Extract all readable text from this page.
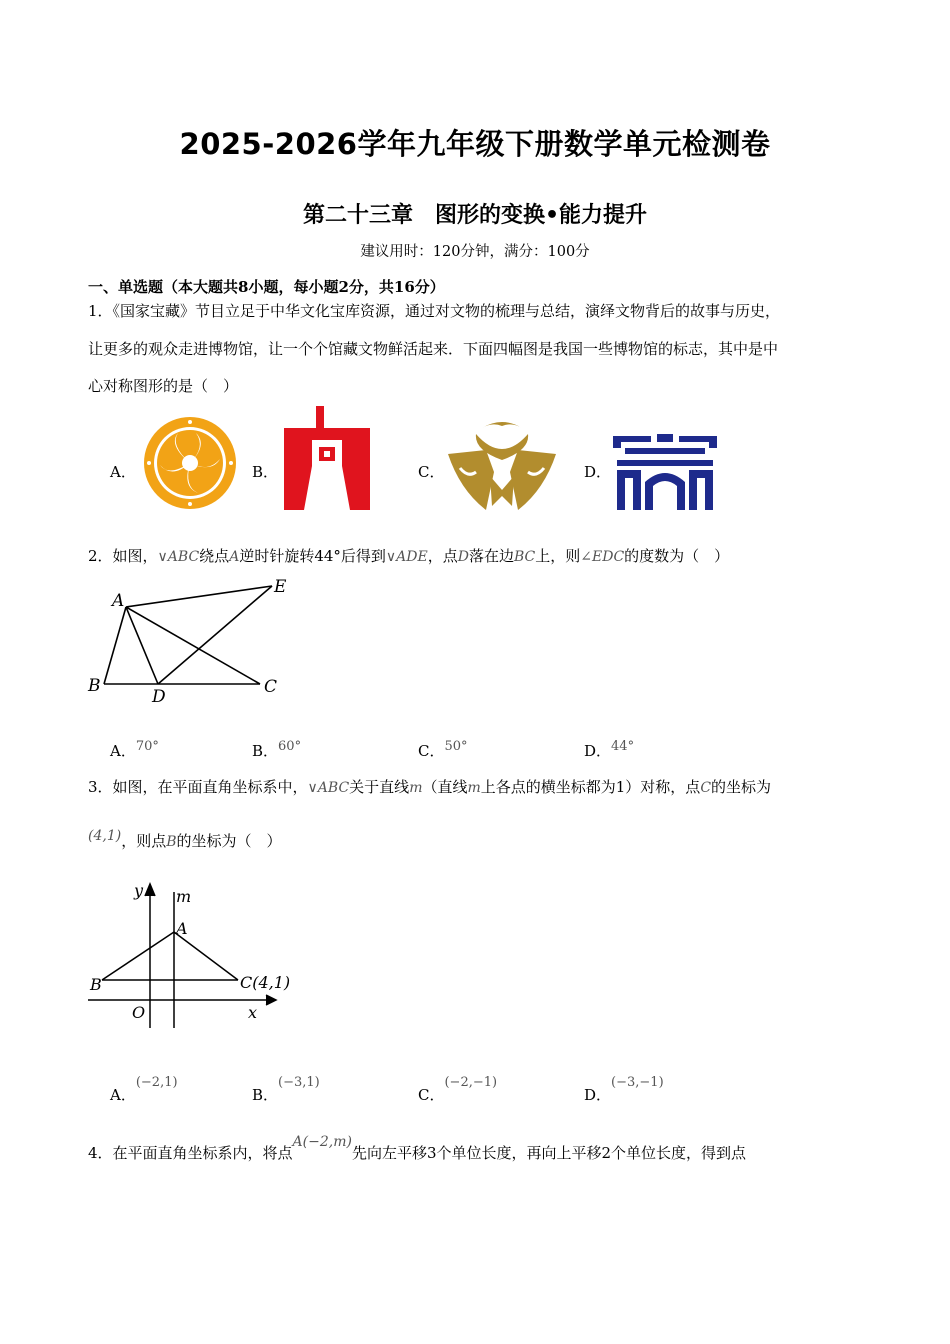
2025-2026学年九年级下册数学单元检测卷
第二十三章　图形的变换•能力提升
建议用时：120分钟，满分：100分
一、单选题（本大题共8小题，每小题2分，共16分）
1．《国家宝藏》节目立足于中华文化宝库资源，通过对文物的梳理与总结，演绎文物背后的故事与历史，
让更多的观众走进博物馆，让一个个馆藏文物鲜活起来．下面四幅图是我国一些博物馆的标志，其中是中
心对称图形的是（　）
A．	B．	C．	D．
2．如图，∨ABC绕点A逆时针旋转44°后得到∨ADE，点D落在边BC上，则∠EDC的度数为（　）
A
E
B
D	C
A．70°	B．60°	C．50°	D．44°
3．如图，在平面直角坐标系中，∨ABC关于直线m（直线m上各点的横坐标都为1）对称，点C的坐标为
(4,1)，则点B的坐标为（　）
y m
A
B	C(4,1)
O	x
A．(−2,1)
B．(−3,1)
C．(−2,−1)
D．(−3,−1)
4．在平面直角坐标系内，将点A(−2,m)先向左平移3个单位长度，再向上平移2个单位长度，得到点
